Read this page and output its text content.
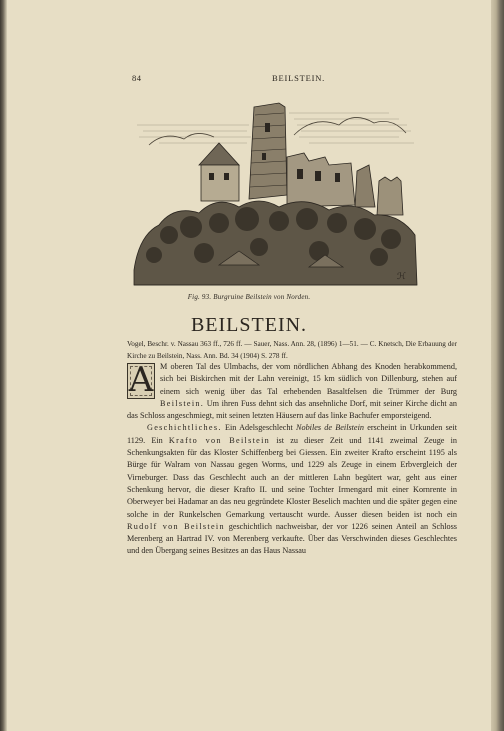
84	BEILSTEIN.
ℋ
Fig. 93. Burgruine Beilstein von Norden.
BEILSTEIN.
Vogel, Beschr. v. Nassau 363 ff., 726 ff. — Sauer, Nass. Ann. 28, (1896) 1—51. — C. Knetsch, Die Erbauung der Kirche zu Beilstein, Nass. Ann. Bd. 34 (1904) S. 278 ff.

A M oberen Tal des Ulmbachs, der vom nördlichen Abhang des Knoden herabkommend, sich bei Biskirchen mit der Lahn vereinigt, 15 km südlich von Dillenburg, stehen auf einem sich wenig über das Tal erhebenden Basaltfelsen die Trümmer der Burg Beilstein. Um ihren Fuss dehnt sich das ansehnliche Dorf, mit seiner Kirche dicht an das Schloss angeschmiegt, mit seinen letzten Häusern auf das linke Bachufer emporsteigend.

Geschichtliches. Ein Adelsgeschlecht Nobiles de Beilstein erscheint in Urkunden seit 1129. Ein Krafto von Beilstein ist zu dieser Zeit und 1141 zweimal Zeuge in Schenkungsakten für das Kloster Schiffenberg bei Giessen. Ein zweiter Krafto erscheint 1195 als Bürge für Walram von Nassau gegen Worms, und 1229 als Zeuge in einem Erbvergleich der Virneburger. Dass das Geschlecht auch an der mittleren Lahn begütert war, geht aus einer Schenkung hervor, die dieser Krafto II. und seine Tochter Irmengard mit einer Kornrente in Oberweyer bei Hadamar an das neu gegründete Kloster Beselich machten und die später gegen eine solche in der Runkelschen Gemarkung vertauscht wurde. Ausser diesen beiden ist noch ein Rudolf von Beilstein geschichtlich nachweisbar, der vor 1226 seinen Anteil an Schloss Merenberg an Hartrad IV. von Merenberg verkaufte. Über das Verschwinden dieses Geschlechtes und den Übergang seines Besitzes an das Haus Nassau
